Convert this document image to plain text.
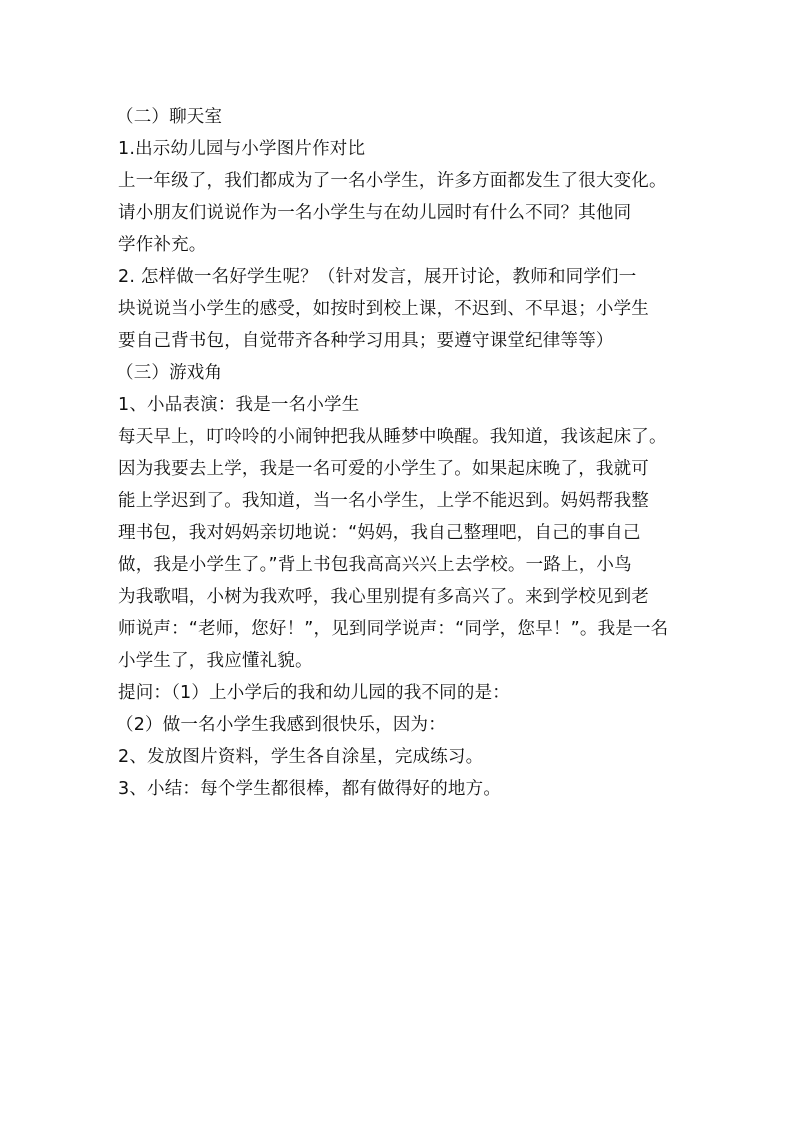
（二）聊天室

1.出示幼儿园与小学图片作对比

上一年级了，我们都成为了一名小学生，许多方面都发生了很大变化。

请小朋友们说说作为一名小学生与在幼儿园时有什么不同？其他同

学作补充。

2. 怎样做一名好学生呢？（针对发言，展开讨论，教师和同学们一

块说说当小学生的感受，如按时到校上课，不迟到、不早退；小学生

要自己背书包，自觉带齐各种学习用具；要遵守课堂纪律等等）

（三）游戏角

1、小品表演：我是一名小学生

每天早上，叮呤呤的小闹钟把我从睡梦中唤醒。我知道，我该起床了。

因为我要去上学，我是一名可爱的小学生了。如果起床晚了，我就可

能上学迟到了。我知道，当一名小学生，上学不能迟到。妈妈帮我整

理书包，我对妈妈亲切地说：“妈妈，我自己整理吧，自己的事自己

做，我是小学生了。”背上书包我高高兴兴上去学校。一路上，小鸟

为我歌唱，小树为我欢呼，我心里别提有多高兴了。来到学校见到老

师说声：“老师，您好！”，见到同学说声：“同学，您早！”。我是一名

小学生了，我应懂礼貌。

提问：（1）上小学后的我和幼儿园的我不同的是：

（2）做一名小学生我感到很快乐，因为：

2、发放图片资料，学生各自涂星，完成练习。

3、小结：每个学生都很棒，都有做得好的地方。
